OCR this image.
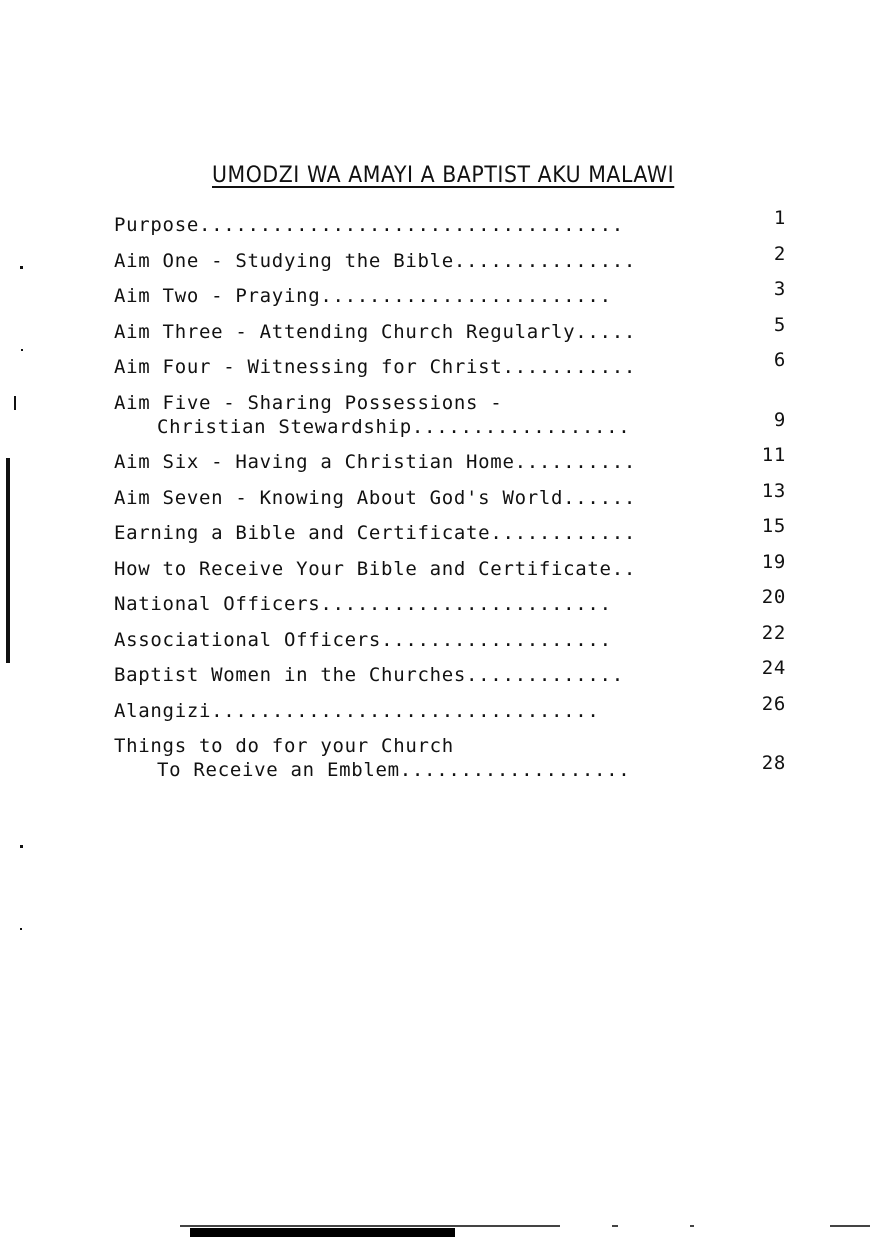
UMODZI WA AMAYI A BAPTIST AKU MALAWI
Purpose...................................	1
Aim One - Studying the Bible...............	2
Aim Two - Praying........................	3
Aim Three - Attending Church Regularly.....	5
Aim Four - Witnessing for Christ...........	6
Aim Five - Sharing Possessions -
Christian Stewardship..................	9
Aim Six - Having a Christian Home..........	11
Aim Seven - Knowing About God's World......	13
Earning a Bible and Certificate............	15
How to Receive Your Bible and Certificate..	19
National Officers........................	20
Associational Officers...................	22
Baptist Women in the Churches.............	24
Alangizi................................	26
Things to do for your Church
To Receive an Emblem...................	28
